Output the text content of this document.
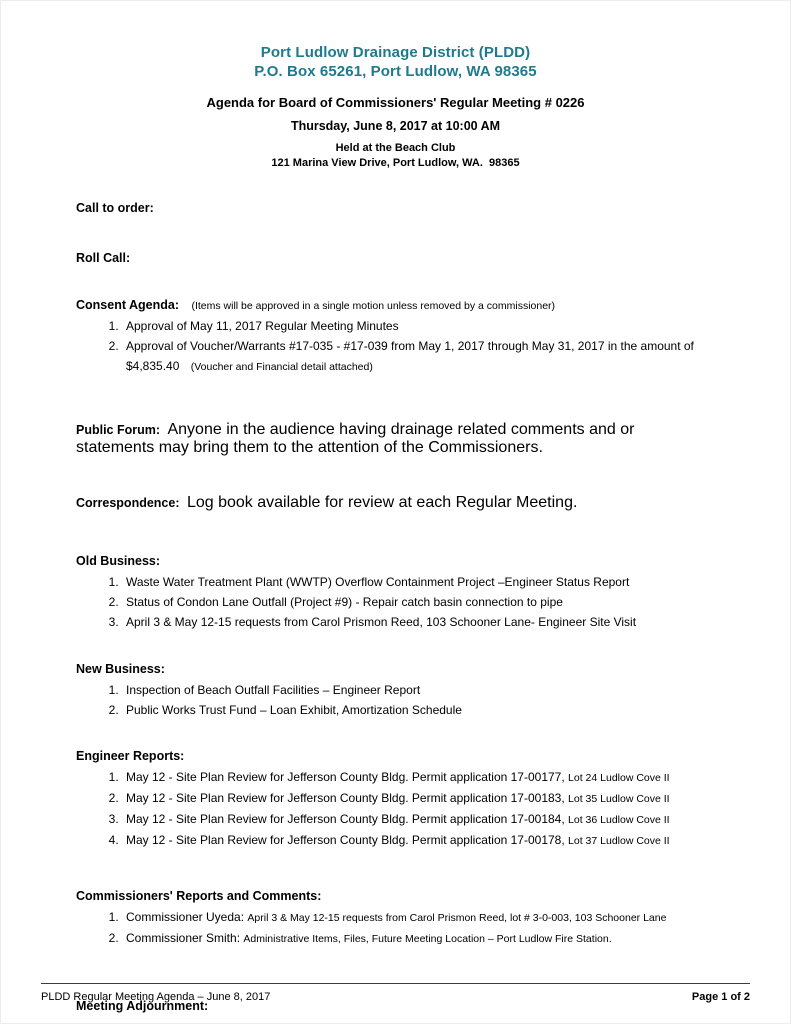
Port Ludlow Drainage District (PLDD)
P.O. Box 65261, Port Ludlow, WA 98365
Agenda for Board of Commissioners' Regular Meeting # 0226
Thursday, June 8, 2017 at 10:00 AM
Held at the Beach Club
121 Marina View Drive, Port Ludlow, WA.  98365
Call to order:
Roll Call:

Consent Agenda: (Items will be approved in a single motion unless removed by a commissioner)

1. Approval of May 11, 2017 Regular Meeting Minutes
2. Approval of Voucher/Warrants #17-035 - #17-039 from May 1, 2017 through May 31, 2017 in the amount of $4,835.40 (Voucher and Financial detail attached)

Public Forum: Anyone in the audience having drainage related comments and or statements may bring them to the attention of the Commissioners.

Correspondence: Log book available for review at each Regular Meeting.

Old Business:
1. Waste Water Treatment Plant (WWTP) Overflow Containment Project –Engineer Status Report
2. Status of Condon Lane Outfall (Project #9) - Repair catch basin connection to pipe
3. April 3 & May 12-15 requests from Carol Prismon Reed, 103 Schooner Lane- Engineer Site Visit
New Business:
1. Inspection of Beach Outfall Facilities – Engineer Report
2. Public Works Trust Fund – Loan Exhibit, Amortization Schedule
Engineer Reports:
1. May 12 - Site Plan Review for Jefferson County Bldg. Permit application 17-00177, Lot 24 Ludlow Cove II
2. May 12 - Site Plan Review for Jefferson County Bldg. Permit application 17-00183, Lot 35 Ludlow Cove II
3. May 12 - Site Plan Review for Jefferson County Bldg. Permit application 17-00184, Lot 36 Ludlow Cove II
4. May 12 - Site Plan Review for Jefferson County Bldg. Permit application 17-00178, Lot 37 Ludlow Cove II
Commissioners' Reports and Comments:
1. Commissioner Uyeda: April 3 & May 12-15 requests from Carol Prismon Reed, lot # 3-0-003, 103 Schooner Lane
2. Commissioner Smith: Administrative Items, Files, Future Meeting Location – Port Ludlow Fire Station.
Meeting Adjournment:
PLDD Regular Meeting Agenda – June 8, 2017	Page 1 of 2
